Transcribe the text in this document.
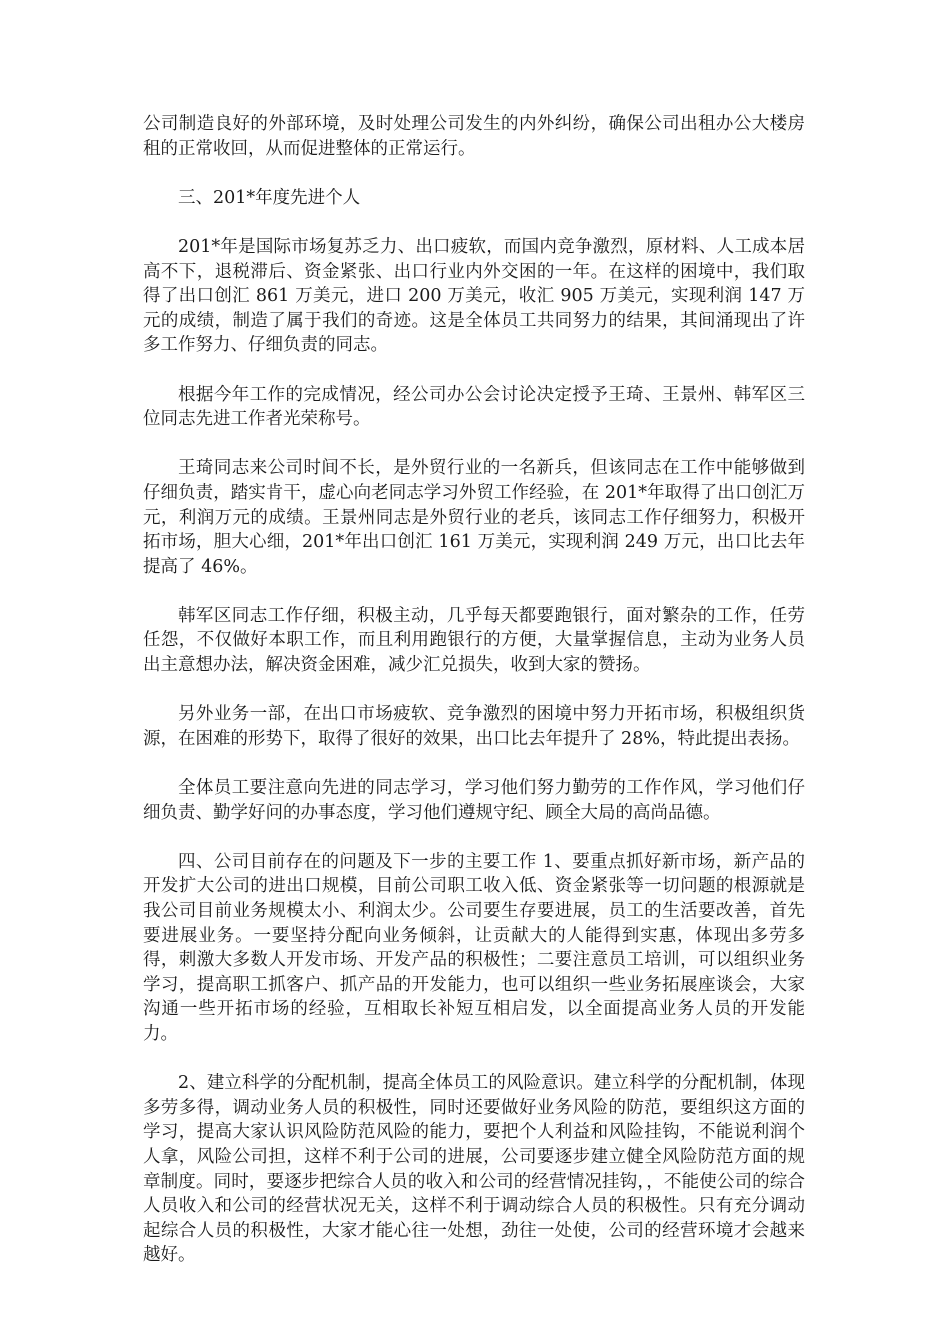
公司制造良好的外部环境，及时处理公司发生的内外纠纷，确保公司出租办公大楼房租的正常收回，从而促进整体的正常运行。

三、201*年度先进个人

201*年是国际市场复苏乏力、出口疲软，而国内竞争激烈，原材料、人工成本居高不下，退税滞后、资金紧张、出口行业内外交困的一年。在这样的困境中，我们取得了出口创汇 861 万美元，进口 200 万美元，收汇 905 万美元，实现利润 147 万元的成绩，制造了属于我们的奇迹。这是全体员工共同努力的结果，其间涌现出了许多工作努力、仔细负责的同志。

根据今年工作的完成情况，经公司办公会讨论决定授予王琦、王景州、韩军区三位同志先进工作者光荣称号。

王琦同志来公司时间不长，是外贸行业的一名新兵，但该同志在工作中能够做到仔细负责，踏实肯干，虚心向老同志学习外贸工作经验，在 201*年取得了出口创汇万元，利润万元的成绩。王景州同志是外贸行业的老兵，该同志工作仔细努力，积极开拓市场，胆大心细，201*年出口创汇 161 万美元，实现利润 249 万元，出口比去年提高了 46%。

韩军区同志工作仔细，积极主动，几乎每天都要跑银行，面对繁杂的工作，任劳任怨，不仅做好本职工作，而且利用跑银行的方便，大量掌握信息，主动为业务人员出主意想办法，解决资金困难，减少汇兑损失，收到大家的赞扬。

另外业务一部，在出口市场疲软、竞争激烈的困境中努力开拓市场，积极组织货源，在困难的形势下，取得了很好的效果，出口比去年提升了 28%，特此提出表扬。

全体员工要注意向先进的同志学习，学习他们努力勤劳的工作作风，学习他们仔细负责、勤学好问的办事态度，学习他们遵规守纪、顾全大局的高尚品德。

四、公司目前存在的问题及下一步的主要工作 1、要重点抓好新市场，新产品的开发扩大公司的进出口规模，目前公司职工收入低、资金紧张等一切问题的根源就是我公司目前业务规模太小、利润太少。公司要生存要进展，员工的生活要改善，首先要进展业务。一要坚持分配向业务倾斜，让贡献大的人能得到实惠，体现出多劳多得，刺激大多数人开发市场、开发产品的积极性；二要注意员工培训，可以组织业务学习，提高职工抓客户、抓产品的开发能力，也可以组织一些业务拓展座谈会，大家沟通一些开拓市场的经验，互相取长补短互相启发，以全面提高业务人员的开发能力。

2、建立科学的分配机制，提高全体员工的风险意识。建立科学的分配机制，体现多劳多得，调动业务人员的积极性，同时还要做好业务风险的防范，要组织这方面的学习，提高大家认识风险防范风险的能力，要把个人利益和风险挂钩，不能说利润个人拿，风险公司担，这样不利于公司的进展，公司要逐步建立健全风险防范方面的规章制度。同时，要逐步把综合人员的收入和公司的经营情况挂钩，，不能使公司的综合人员收入和公司的经营状况无关，这样不利于调动综合人员的积极性。只有充分调动起综合人员的积极性，大家才能心往一处想，劲往一处使，公司的经营环境才会越来越好。
